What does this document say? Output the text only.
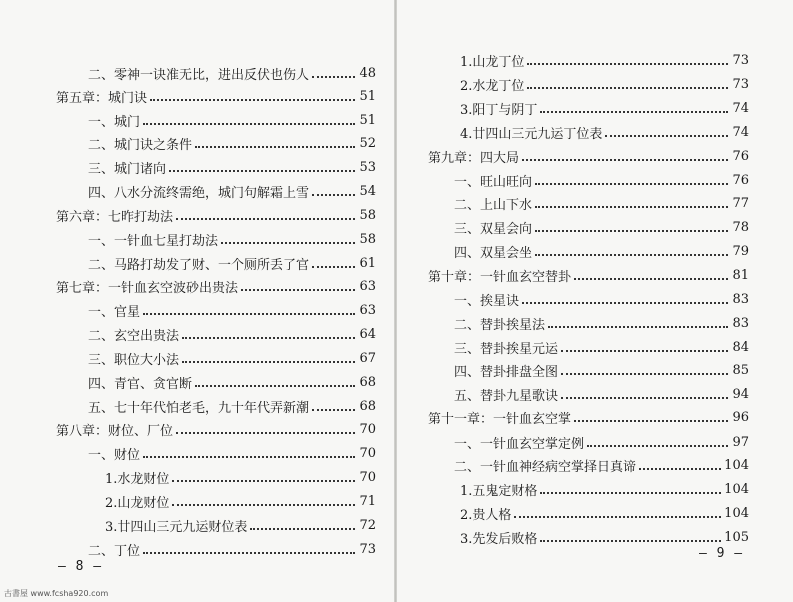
二、零神一诀准无比，进出反伏也伤人	48
第五章：城门诀	51
一、城门	51
二、城门诀之条件	52
三、城门诸向	53
四、八水分流终需绝，城门句解霜上雪	54
第六章：七昨打劫法	58
一、一针血七星打劫法	58
二、马路打劫发了财、一个厕所丢了官	61
第七章：一针血玄空波砂出贵法	63
一、官星	63
二、玄空出贵法	64
三、职位大小法	67
四、青官、贪官断	68
五、七十年代怕老毛，九十年代弄新潮	68
第八章：财位、厂位	70
一、财位	70
1.水龙财位	70
2.山龙财位	71
3.廿四山三元九运财位表	72
二、丁位	73
— 8 —
1.山龙丁位	73
2.水龙丁位	73
3.阳丁与阴丁	74
4.廿四山三元九运丁位表	74
第九章：四大局	76
一、旺山旺向	76
二、上山下水	77
三、双星会向	78
四、双星会坐	79
第十章：一针血玄空替卦	81
一、挨星诀	83
二、替卦挨星法	83
三、替卦挨星元运	84
四、替卦排盘全图	85
五、替卦九星歌诀	94
第十一章：一针血玄空掌	96
一、一针血玄空掌定例	97
二、一针血神经病空掌择日真谛	104
1.五鬼定财格	104
2.贵人格	104
3.先发后败格	105
— 9 —
古書屋 www.fcsha920.com
